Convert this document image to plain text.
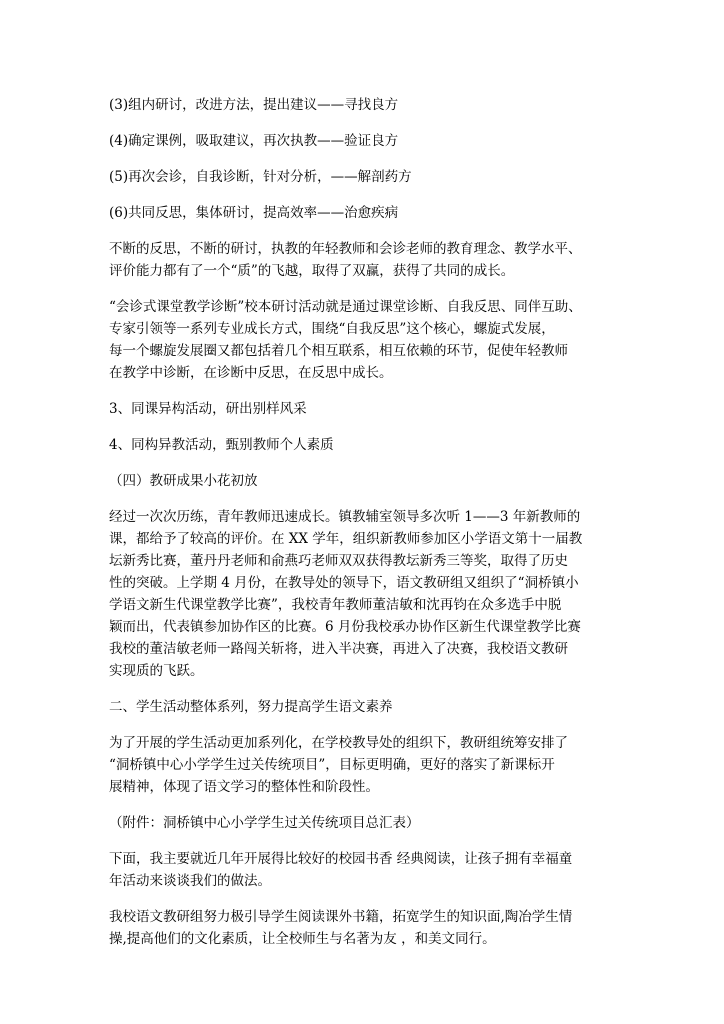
(3)组内研讨，改进方法，提出建议——寻找良方

(4)确定课例，吸取建议，再次执教——验证良方

(5)再次会诊，自我诊断，针对分析，——解剖药方

(6)共同反思，集体研讨，提高效率——治愈疾病

不断的反思，不断的研讨，执教的年轻教师和会诊老师的教育理念、教学水平、
评价能力都有了一个“质”的飞越，取得了双赢，获得了共同的成长。

“会诊式课堂教学诊断”校本研讨活动就是通过课堂诊断、自我反思、同伴互助、
专家引领等一系列专业成长方式，围绕“自我反思”这个核心，螺旋式发展，
每一个螺旋发展圈又都包括着几个相互联系，相互依赖的环节，促使年轻教师
在教学中诊断，在诊断中反思，在反思中成长。

3、同课异构活动，研出别样风采

4、同构异教活动，甄别教师个人素质

（四）教研成果小花初放

经过一次次历练，青年教师迅速成长。镇教辅室领导多次听 1——3 年新教师的
课，都给予了较高的评价。在 XX 学年，组织新教师参加区小学语文第十一届教
坛新秀比赛，董丹丹老师和俞燕巧老师双双获得教坛新秀三等奖，取得了历史
性的突破。上学期 4 月份，在教导处的领导下，语文教研组又组织了“洞桥镇小
学语文新生代课堂教学比赛”，我校青年教师董洁敏和沈再钧在众多选手中脱
颖而出，代表镇参加协作区的比赛。6 月份我校承办协作区新生代课堂教学比赛
我校的董洁敏老师一路闯关斩将，进入半决赛，再进入了决赛，我校语文教研
实现质的飞跃。

二、学生活动整体系列，努力提高学生语文素养

为了开展的学生活动更加系列化，在学校教导处的组织下，教研组统筹安排了
“洞桥镇中心小学学生过关传统项目”，目标更明确，更好的落实了新课标开
展精神，体现了语文学习的整体性和阶段性。

（附件：洞桥镇中心小学学生过关传统项目总汇表）

下面，我主要就近几年开展得比较好的校园书香 经典阅读，让孩子拥有幸福童
年活动来谈谈我们的做法。

我校语文教研组努力极引导学生阅读课外书籍，拓宽学生的知识面,陶冶学生情
操,提高他们的文化素质，让全校师生与名著为友 ，和美文同行。
